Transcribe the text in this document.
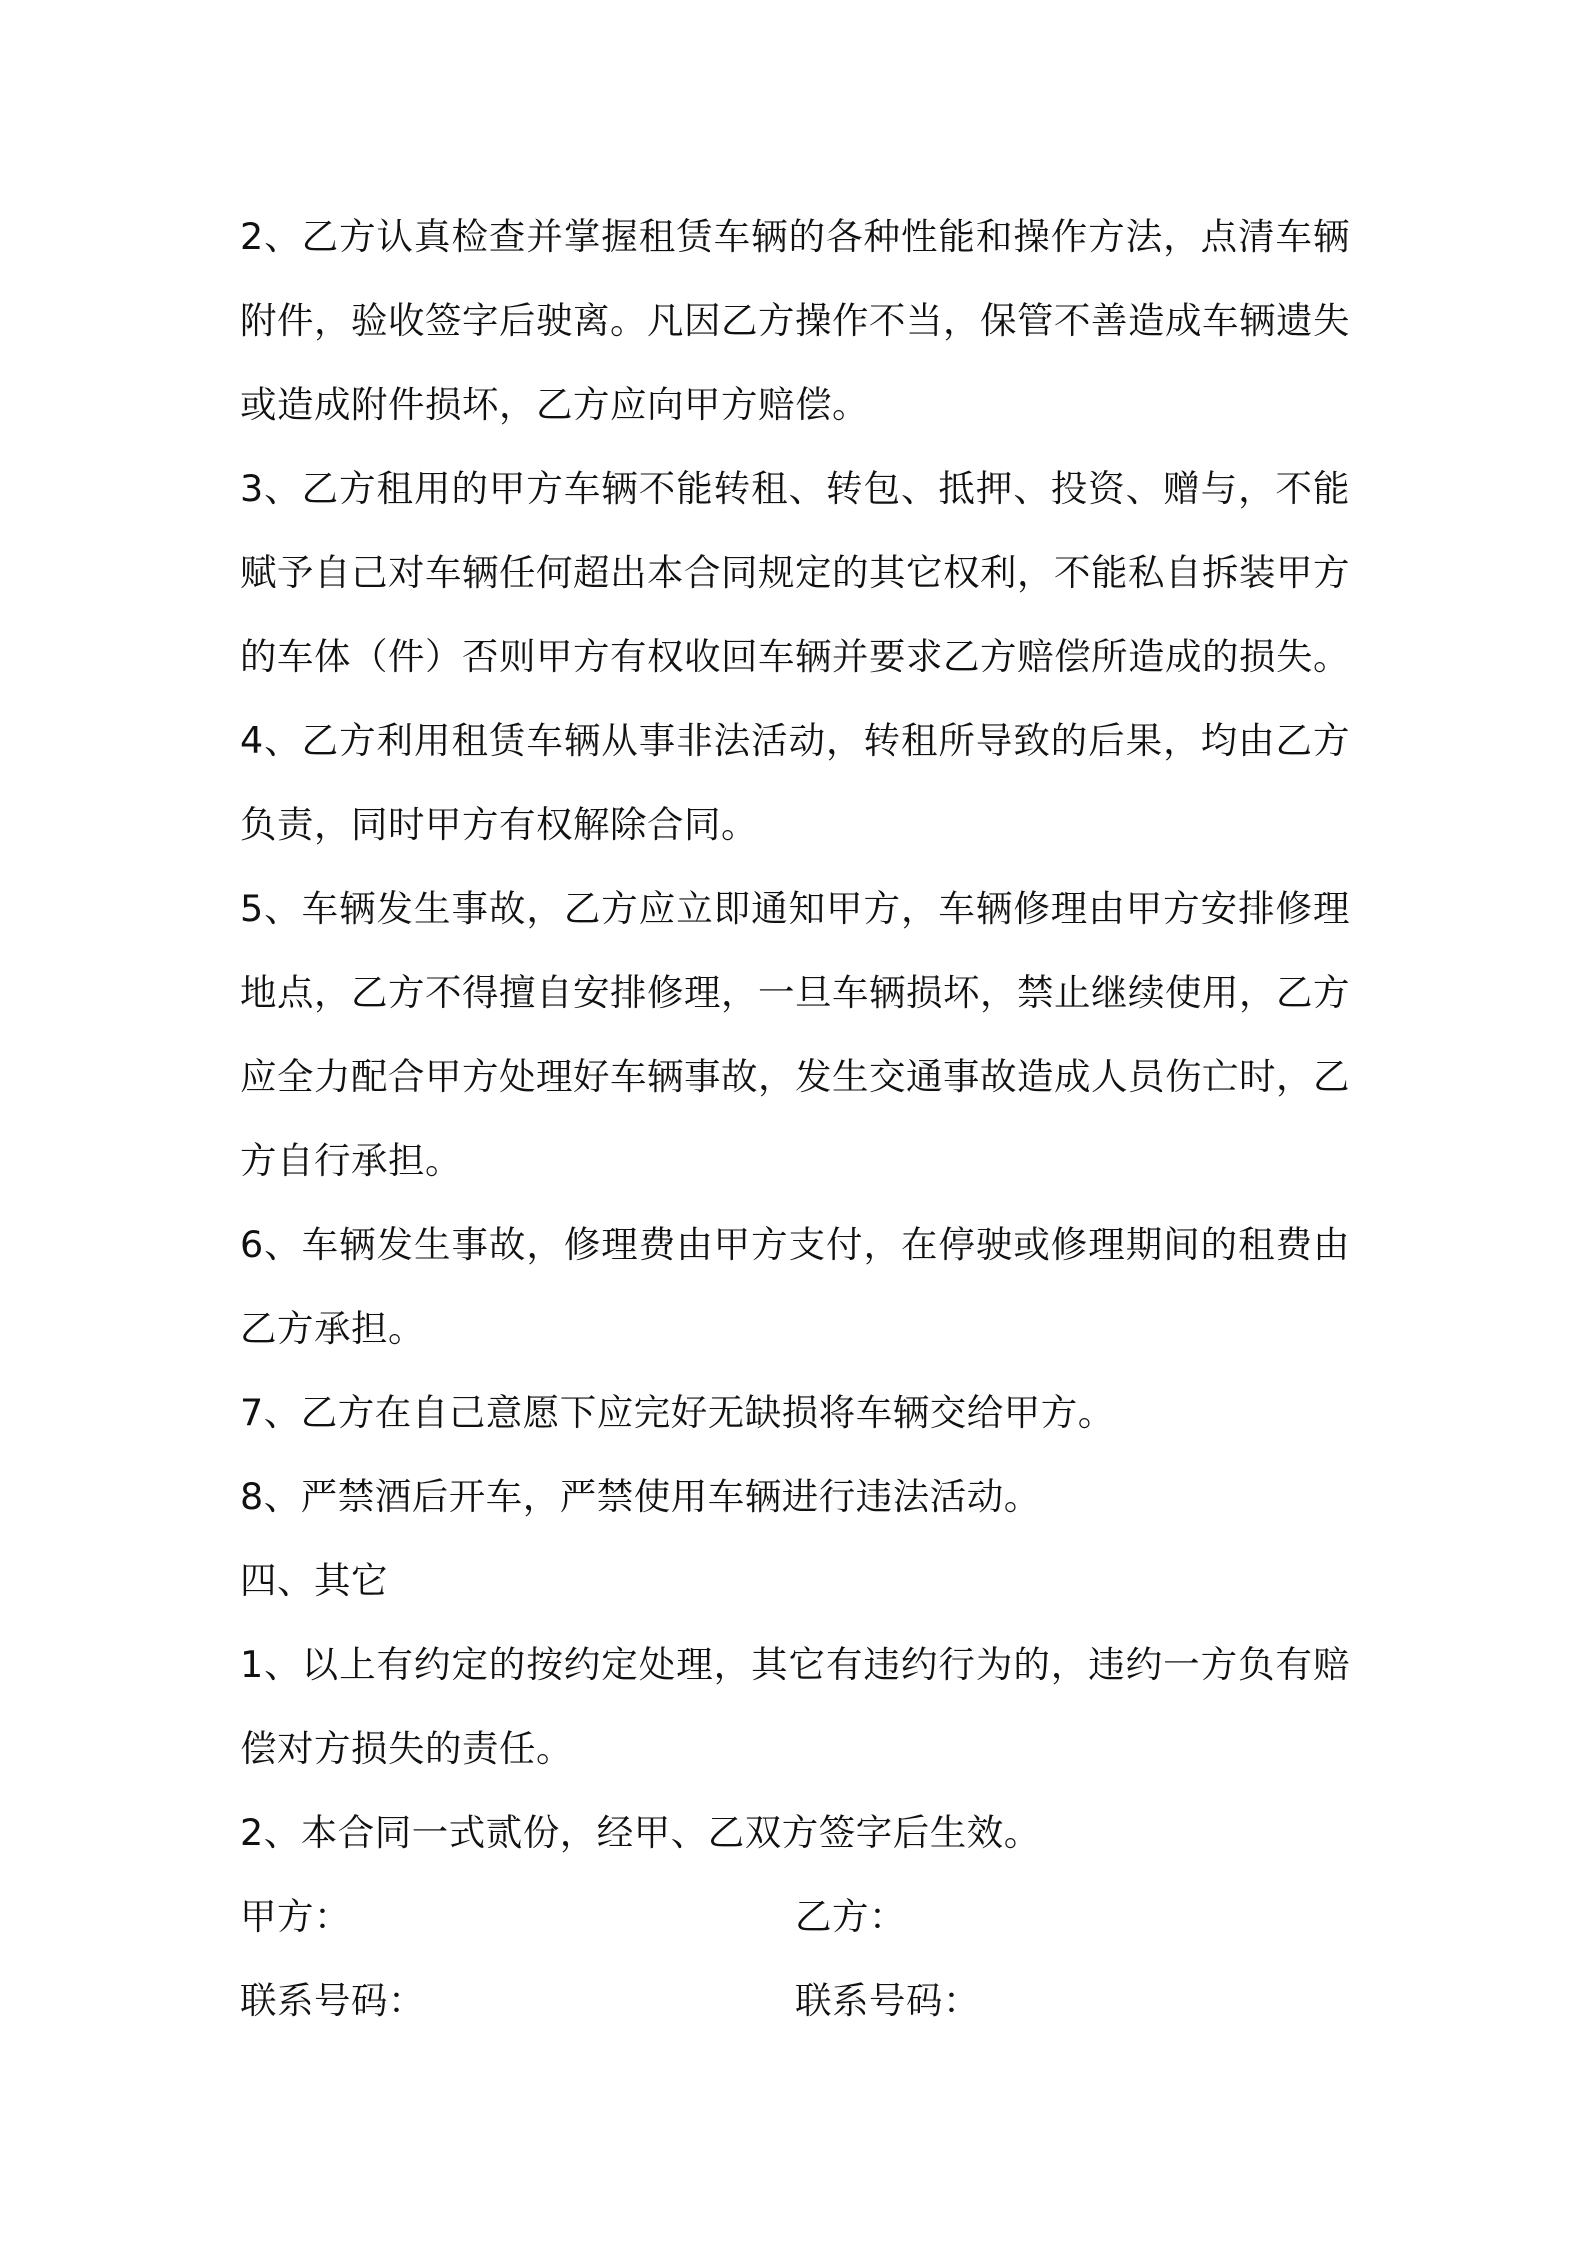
2、乙方认真检查并掌握租赁车辆的各种性能和操作方法，点清车辆附件，验收签字后驶离。凡因乙方操作不当，保管不善造成车辆遗失或造成附件损坏，乙方应向甲方赔偿。

3、乙方租用的甲方车辆不能转租、转包、抵押、投资、赠与，不能赋予自己对车辆任何超出本合同规定的其它权利，不能私自拆装甲方的车体（件）否则甲方有权收回车辆并要求乙方赔偿所造成的损失。

4、乙方利用租赁车辆从事非法活动，转租所导致的后果，均由乙方负责，同时甲方有权解除合同。

5、车辆发生事故，乙方应立即通知甲方，车辆修理由甲方安排修理地点，乙方不得擅自安排修理，一旦车辆损坏，禁止继续使用，乙方应全力配合甲方处理好车辆事故，发生交通事故造成人员伤亡时，乙方自行承担。

6、车辆发生事故，修理费由甲方支付，在停驶或修理期间的租费由乙方承担。

7、乙方在自己意愿下应完好无缺损将车辆交给甲方。

8、严禁酒后开车，严禁使用车辆进行违法活动。

四、其它

1、以上有约定的按约定处理，其它有违约行为的，违约一方负有赔偿对方损失的责任。

2、本合同一式贰份，经甲、乙双方签字后生效。

甲方：	乙方：
联系号码：	联系号码：
